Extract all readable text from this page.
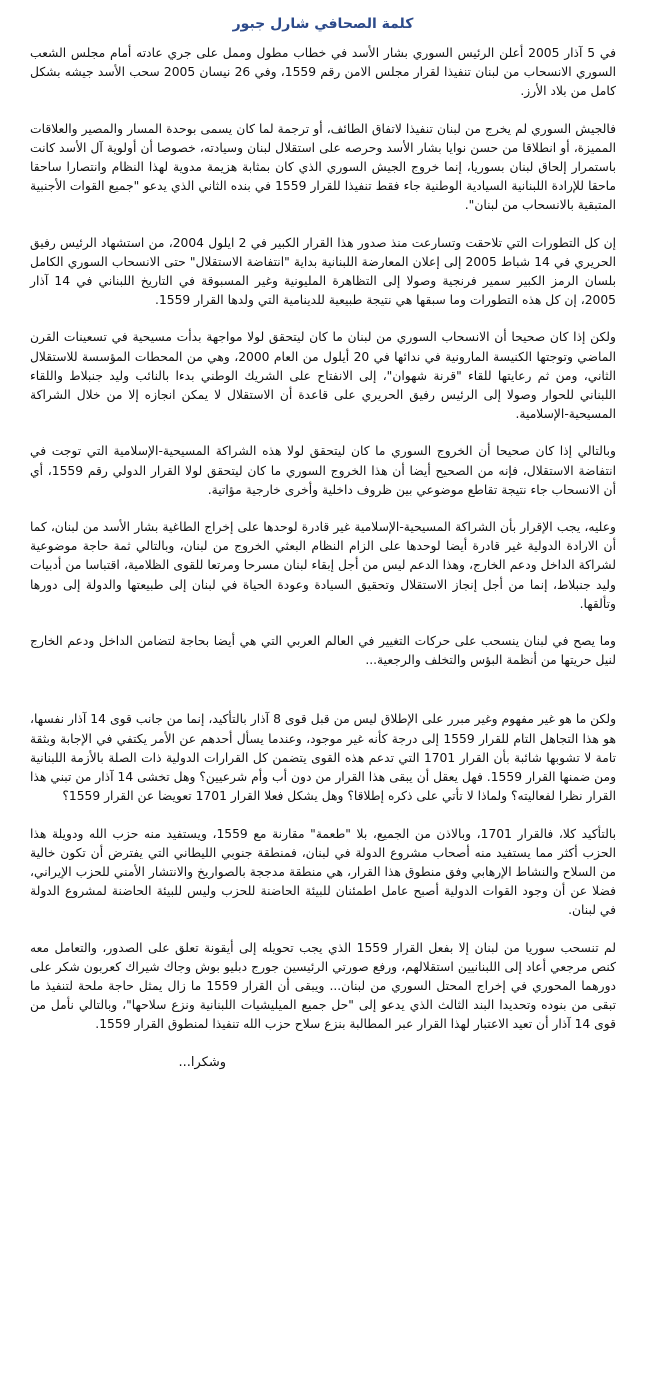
كلمة الصحافي شارل جبور

في 5 آذار 2005 أعلن الرئيس السوري بشار الأسد في خطاب مطول وممل على جري عادته أمام مجلس الشعب السوري الانسحاب من لبنان تنفيذا لقرار مجلس الامن رقم 1559، وفي 26 نيسان 2005 سحب الأسد جيشه بشكل كامل من بلاد الأرز.

فالجيش السوري لم يخرج من لبنان تنفيذا لاتفاق الطائف، أو ترجمة لما كان يسمى بوحدة المسار والمصير والعلاقات المميزة، أو انطلاقا من حسن نوايا بشار الأسد وحرصه على استقلال لبنان وسيادته، خصوصا أن أولوية آل الأسد كانت باستمرار إلحاق لبنان بسوريا، إنما خروج الجيش السوري الذي كان بمثابة هزيمة مدوية لهذا النظام وانتصارا ساحقا ماحقا للإرادة اللبنانية السيادية الوطنية جاء فقط تنفيذا للقرار 1559 في بنده الثاني الذي يدعو "جميع القوات الأجنبية المتبقية بالانسحاب من لبنان".

إن كل التطورات التي تلاحقت وتسارعت منذ صدور هذا القرار الكبير في 2 ايلول 2004، من استشهاد الرئيس رفيق الحريري في 14 شباط 2005 إلى إعلان المعارضة اللبنانية بداية "انتفاضة الاستقلال" حتى الانسحاب السوري الكامل بلسان الرمز الكبير سمير فرنجية وصولا إلى التظاهرة المليونية وغير المسبوقة في التاريخ اللبناني في 14 آذار 2005، إن كل هذه التطورات وما سبقها هي نتيجة طبيعية للدينامية التي ولدها القرار 1559.

ولكن إذا كان صحيحا أن الانسحاب السوري من لبنان ما كان ليتحقق لولا مواجهة بدأت مسيحية في تسعينات القرن الماضي وتوجتها الكنيسة المارونية في ندائها في 20 أيلول من العام 2000، وهي من المحطات المؤسسة للاستقلال الثاني، ومن ثم رعايتها للقاء "قرنة شهوان"، إلى الانفتاح على الشريك الوطني بدءا بالنائب وليد جنبلاط واللقاء اللبناني للحوار وصولا إلى الرئيس رفيق الحريري على قاعدة أن الاستقلال لا يمكن انجازه إلا من خلال الشراكة المسيحية-الإسلامية.

وبالتالي إذا كان صحيحا أن الخروج السوري ما كان ليتحقق لولا هذه الشراكة المسيحية-الإسلامية التي توجت في انتفاضة الاستقلال، فإنه من الصحيح أيضا أن هذا الخروج السوري ما كان ليتحقق لولا القرار الدولي رقم 1559، أي أن الانسحاب جاء نتيجة تقاطع موضوعي بين ظروف داخلية وأخرى خارجية مؤاتية.

وعليه، يجب الإقرار بأن الشراكة المسيحية-الإسلامية غير قادرة لوحدها على إخراج الطاغية بشار الأسد من لبنان، كما أن الارادة الدولية غير قادرة أيضا لوحدها على الزام النظام البعثي الخروج من لبنان، وبالتالي ثمة حاجة موضوعية لشراكة الداخل ودعم الخارج، وهذا الدعم ليس من أجل إبقاء لبنان مسرحا ومرتعا للقوى الظلامية، اقتباسا من أدبيات وليد جنبلاط، إنما من أجل إنجاز الاستقلال وتحقيق السيادة وعودة الحياة في لبنان إلى طبيعتها والدولة إلى دورها وتألقها.

وما يصح في لبنان ينسحب على حركات التغيير في العالم العربي التي هي أيضا بحاجة لتضامن الداخل ودعم الخارج لنيل حريتها من أنظمة البؤس والتخلف والرجعية...

ولكن ما هو غير مفهوم وغير مبرر على الإطلاق ليس من قبل قوى 8 آذار بالتأكيد، إنما من جانب قوى 14 آذار نفسها، هو هذا التجاهل التام للقرار 1559 إلى درجة كأنه غير موجود، وعندما يسأل أحدهم عن الأمر يكتفي في الإجابة وبثقة تامة لا تشوبها شائبة بأن القرار 1701 التي تدعم هذه القوى يتضمن كل القرارات الدولية ذات الصلة بالأزمة اللبنانية ومن ضمنها القرار 1559. فهل يعقل أن يبقى هذا القرار من دون أب وأم شرعيين؟ وهل تخشى 14 آذار من تبني هذا القرار نظرا لفعاليته؟ ولماذا لا تأتي على ذكره إطلاقا؟ وهل يشكل فعلا القرار 1701 تعويضا عن القرار 1559؟

بالتأكيد كلا، فالقرار 1701، وبالاذن من الجميع، بلا "طعمة" مقارنة مع 1559، ويستفيد منه حزب الله ودويلة هذا الحزب أكثر مما يستفيد منه أصحاب مشروع الدولة في لبنان، فمنطقة جنوبي الليطاني التي يفترض أن تكون خالية من السلاح والنشاط الإرهابي وفق منطوق هذا القرار، هي منطقة مدججة بالصواريخ والانتشار الأمني للحزب الإيراني، فضلا عن أن وجود القوات الدولية أصبح عامل اطمئنان للبيئة الحاضنة للحزب وليس للبيئة الحاضنة لمشروع الدولة في لبنان.

لم تنسحب سوريا من لبنان إلا بفعل القرار 1559 الذي يجب تحويله إلى أيقونة تعلق على الصدور، والتعامل معه كنص مرجعي أعاد إلى اللبنانيين استقلالهم، ورفع صورتي الرئيسين جورج دبليو بوش وجاك شيراك كعربون شكر على دورهما المحوري في إخراج المحتل السوري من لبنان... ويبقى أن القرار 1559 ما زال يمثل حاجة ملحة لتنفيذ ما تبقى من بنوده وتحديدا البند الثالث الذي يدعو إلى "حل جميع الميليشيات اللبنانية ونزع سلاحها"، وبالتالي نأمل من قوى 14 آذار أن تعيد الاعتبار لهذا القرار عبر المطالبة بنزع سلاح حزب الله تنفيذا لمنطوق القرار 1559.

وشكرا...
